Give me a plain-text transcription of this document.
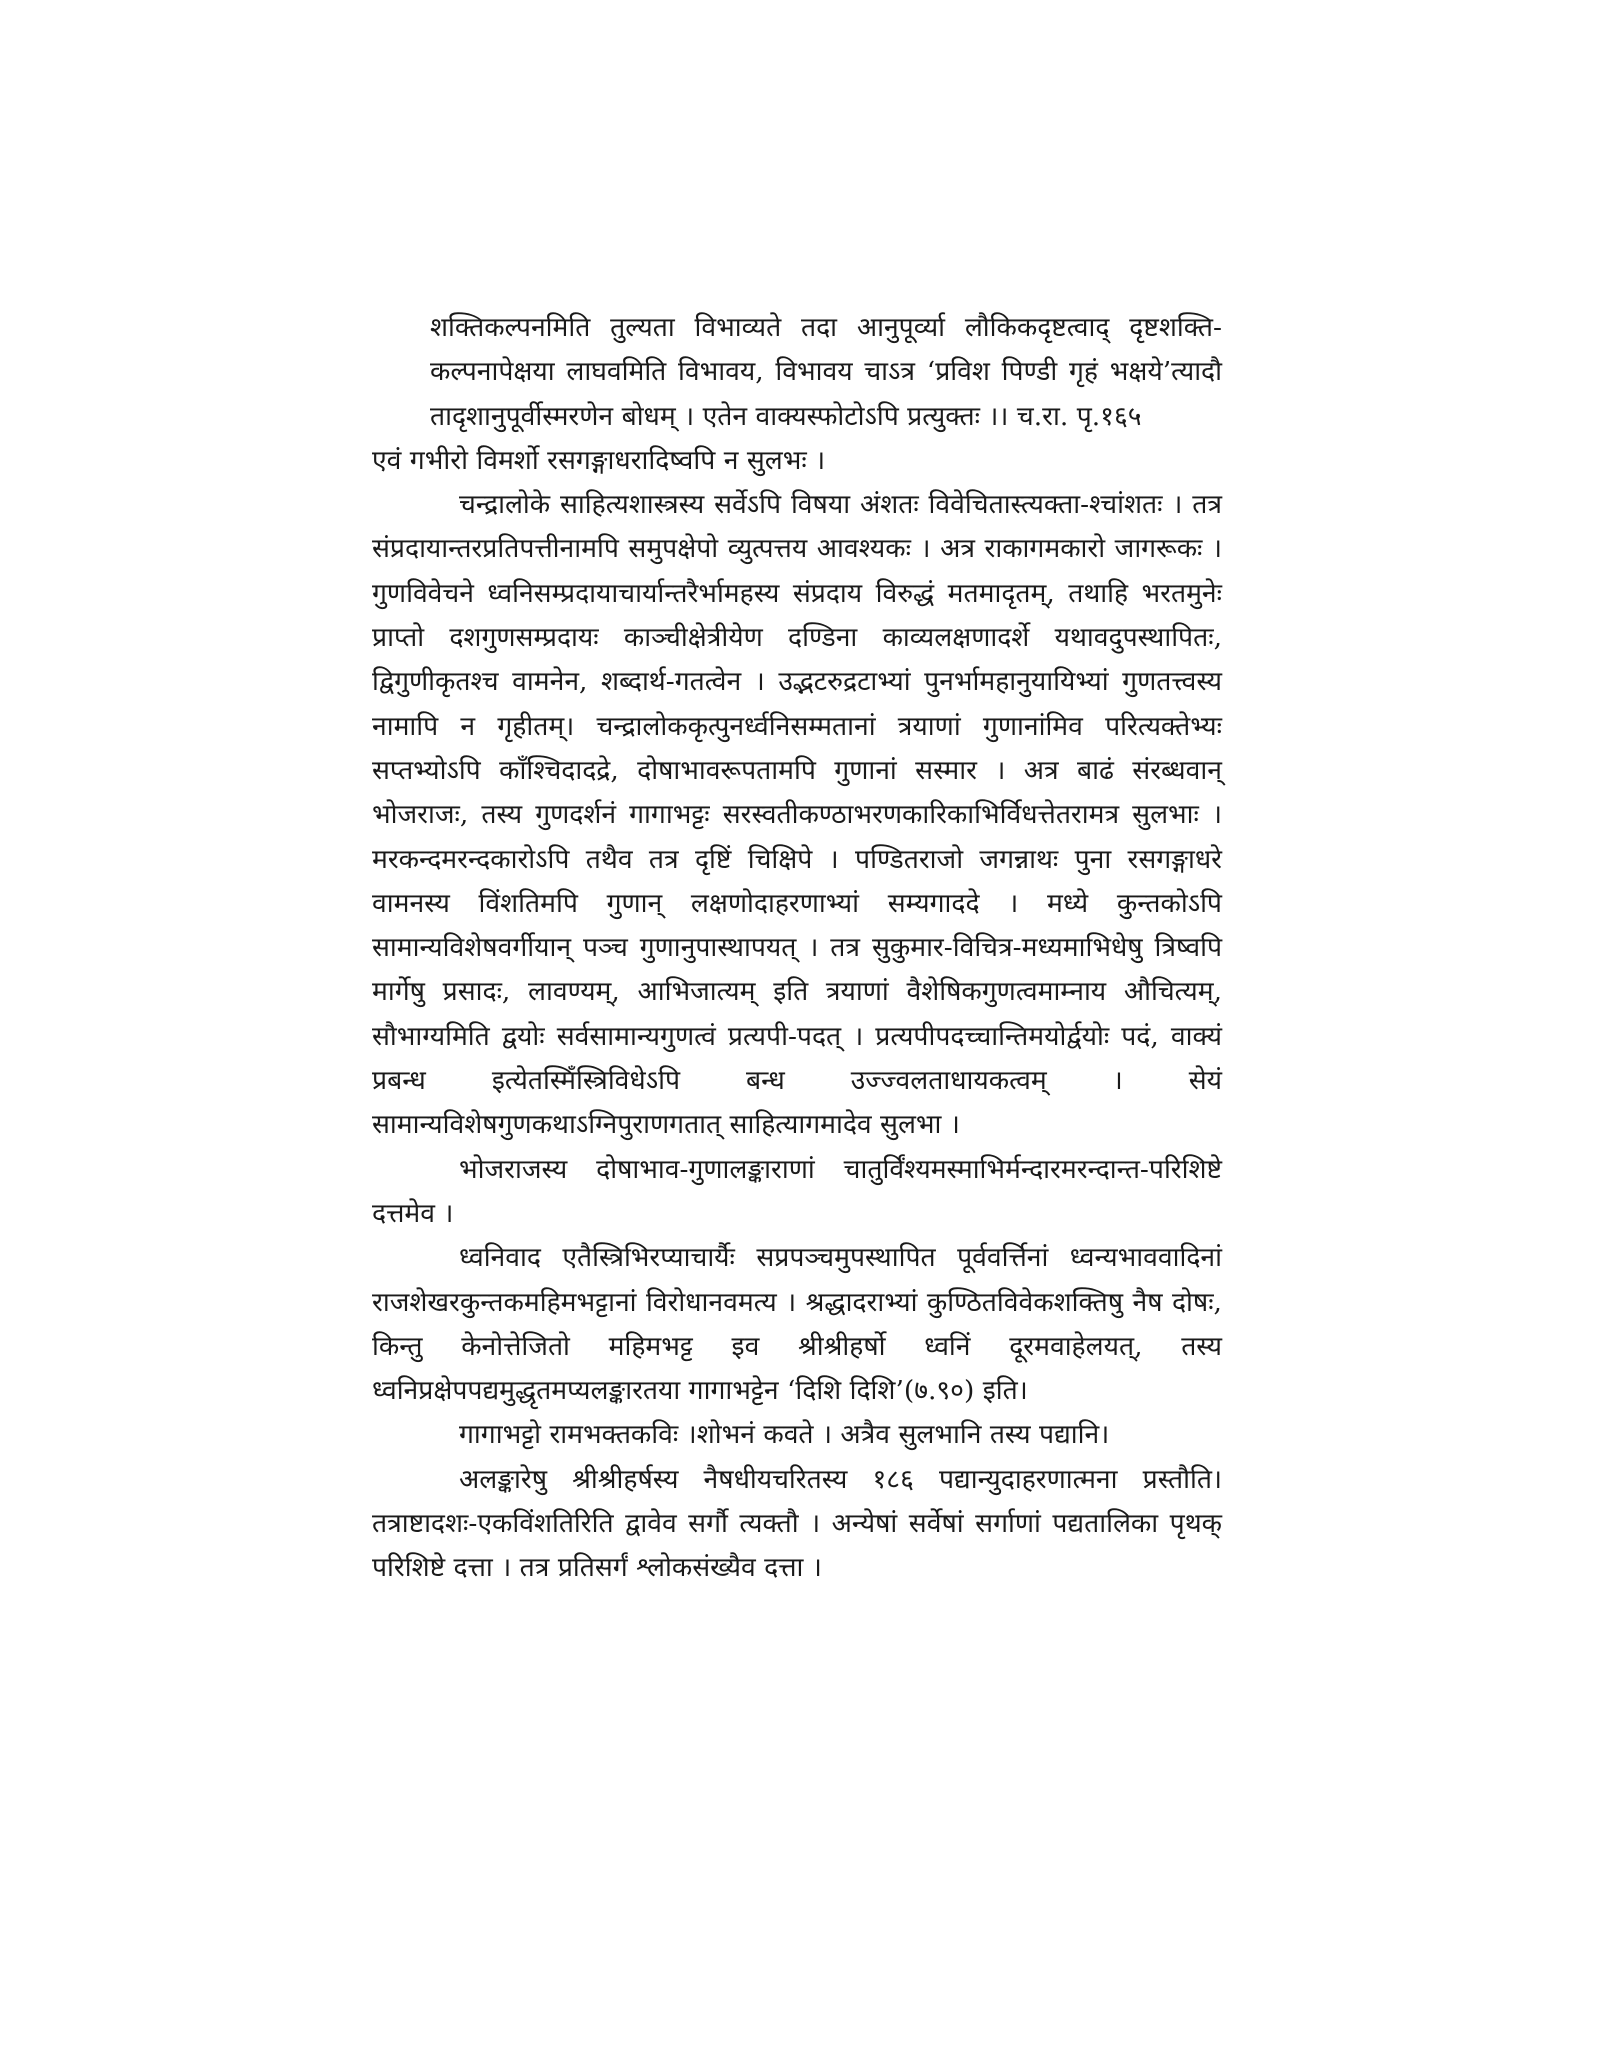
शक्तिकल्पनमिति तुल्यता विभाव्यते तदा आनुपूर्व्या लौकिकदृष्टत्वाद् दृष्टशक्ति-कल्पनापेक्षया लाघवमिति विभावय, विभावय चाऽत्र ‘प्रविश पिण्डी गृहं भक्षये’त्यादौ तादृशानुपूर्वीस्मरणेन बोधम् । एतेन वाक्यस्फोटोऽपि प्रत्युक्तः ।। च.रा. पृ.१६५

एवं गभीरो विमर्शो रसगङ्गाधरादिष्वपि न सुलभः ।

चन्द्रालोके साहित्यशास्त्रस्य सर्वेऽपि विषया अंशतः विवेचितास्त्यक्ता-श्चांशतः । तत्र संप्रदायान्तरप्रतिपत्तीनामपि समुपक्षेपो व्युत्पत्तय आवश्यकः । अत्र राकागमकारो जागरूकः । गुणविवेचने ध्वनिसम्प्रदायाचार्यान्तरैर्भामहस्य संप्रदाय विरुद्धं मतमादृतम्, तथाहि भरतमुनेः प्राप्तो दशगुणसम्प्रदायः काञ्चीक्षेत्रीयेण दण्डिना काव्यलक्षणादर्शे यथावदुपस्थापितः, द्विगुणीकृतश्च वामनेन, शब्दार्थ-गतत्वेन । उद्भटरुद्रटाभ्यां पुनर्भामहानुयायिभ्यां गुणतत्त्वस्य नामापि न गृहीतम्। चन्द्रालोककृत्पुनर्ध्वनिसम्मतानां त्रयाणां गुणानांमिव परित्यक्तेभ्यः सप्तभ्योऽपि काँश्चिदादद्रे, दोषाभावरूपतामपि गुणानां सस्मार । अत्र बाढं संरब्धवान् भोजराजः, तस्य गुणदर्शनं गागाभट्टः सरस्वतीकण्ठाभरणकारिकाभिर्विधत्तेतरामत्र सुलभाः । मरकन्दमरन्दकारोऽपि तथैव तत्र दृष्टिं चिक्षिपे । पण्डितराजो जगन्नाथः पुना रसगङ्गाधरे वामनस्य विंशतिमपि गुणान् लक्षणोदाहरणाभ्यां सम्यगाददे । मध्ये कुन्तकोऽपि सामान्यविशेषवर्गीयान् पञ्च गुणानुपास्थापयत् । तत्र सुकुमार-विचित्र-मध्यमाभिधेषु त्रिष्वपि मार्गेषु प्रसादः, लावण्यम्, आभिजात्यम् इति त्रयाणां वैशेषिकगुणत्वमाम्नाय औचित्यम्, सौभाग्यमिति द्वयोः सर्वसामान्यगुणत्वं प्रत्यपी-पदत् । प्रत्यपीपदच्चान्तिमयोर्द्वयोः पदं, वाक्यं प्रबन्ध इत्येतस्मिँस्त्रिविधेऽपि बन्ध उज्ज्वलताधायकत्वम् । सेयं सामान्यविशेषगुणकथाऽग्निपुराणगतात् साहित्यागमादेव सुलभा ।

भोजराजस्य दोषाभाव-गुणालङ्काराणां चातुर्विंश्यमस्माभिर्मन्दारमरन्दान्त-परिशिष्टे दत्तमेव ।

ध्वनिवाद एतैस्त्रिभिरप्याचार्यैः सप्रपञ्चमुपस्थापित पूर्ववर्त्तिनां ध्वन्यभाववादिनां राजशेखरकुन्तकमहिमभट्टानां विरोधानवमत्य । श्रद्धादराभ्यां कुण्ठितविवेकशक्तिषु नैष दोषः, किन्तु केनोत्तेजितो महिमभट्ट इव श्रीश्रीहर्षो ध्वनिं दूरमवाहेलयत्, तस्य ध्वनिप्रक्षेपपद्यमुद्धृतमप्यलङ्कारतया गागाभट्टेन ‘दिशि दिशि’(७.९०) इति।

गागाभट्टो रामभक्तकविः ।शोभनं कवते । अत्रैव सुलभानि तस्य पद्यानि।

अलङ्कारेषु श्रीश्रीहर्षस्य नैषधीयचरितस्य १८६ पद्यान्युदाहरणात्मना प्रस्तौति। तत्राष्टादशः-एकविंशतिरिति द्वावेव सर्गौ त्यक्तौ । अन्येषां सर्वेषां सर्गाणां पद्यतालिका पृथक् परिशिष्टे दत्ता । तत्र प्रतिसर्गं श्लोकसंख्यैव दत्ता ।
